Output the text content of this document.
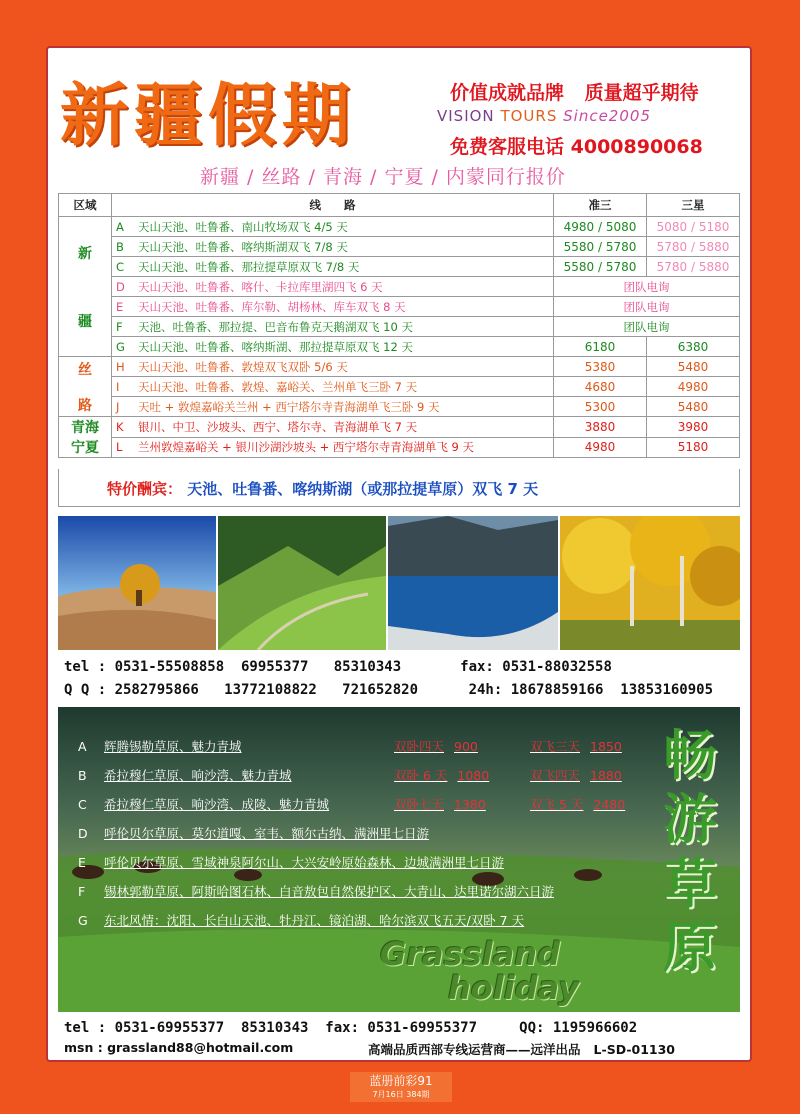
新疆假期	价值成就品牌 质量超乎期待
VISION TOURS Since2005
免费客服电话 4000890068
新疆 / 丝路 / 青海 / 宁夏 / 内蒙同行报价
区域	线　　路		准三	三星
新

疆	A	天山天池、吐鲁番、南山牧场双飞 4/5 天	4980 / 5080	5080 / 5180
	B	天山天池、吐鲁番、喀纳斯湖双飞 7/8 天	5580 / 5780	5780 / 5880
	C	天山天池、吐鲁番、那拉提草原双飞 7/8 天	5580 / 5780	5780 / 5880
	D	天山天池、吐鲁番、喀什、卡拉库里湖四飞 6 天	团队电询	
	E	天山天池、吐鲁番、库尔勒、胡杨林、库车双飞 8 天	团队电询	
	F	天池、吐鲁番、那拉提、巴音布鲁克天鹅湖双飞 10 天	团队电询	
	G	天山天池、吐鲁番、喀纳斯湖、那拉提草原双飞 12 天	6180	6380
丝

路	H	天山天池、吐鲁番、敦煌双飞双卧 5/6 天	5380	5480
	I	天山天池、吐鲁番、敦煌、嘉峪关、兰州单飞三卧 7 天	4680	4980
	J	天吐 + 敦煌嘉峪关兰州 + 西宁塔尔寺青海湖单飞三卧 9 天	5300	5480
青海
宁夏	K	银川、中卫、沙坡头、西宁、塔尔寺、青海湖单飞 7 天	3880	3980
	L	兰州敦煌嘉峪关 + 银川沙湖沙坡头 + 西宁塔尔寺青海湖单飞 9 天	4980	5180
特价酬宾： 天池、吐鲁番、喀纳斯湖（或那拉提草原）双飞 7 天
tel : 0531-55508858  69955377   85310343       fax: 0531-88032558
Q Q : 2582795866   13772108822   721652820      24h: 18678859166  13853160905
A 辉腾锡勒草原、魅力青城	双卧四天 900	双飞三天 1850
B 希拉穆仁草原、响沙湾、魅力青城	双卧 6 天 1080	双飞四天 1880
C 希拉穆仁草原、响沙湾、成陵、魅力青城	双卧七天 1380	双飞 5 天 2480
D 呼伦贝尔草原、莫尔道嘎、室韦、额尔古纳、满洲里七日游
E 呼伦贝尔草原、雪域神泉阿尔山、大兴安岭原始森林、边城满洲里七日游
F 锡林郭勒草原、阿斯哈图石林、白音敖包自然保护区、大青山、达里诺尔湖六日游
G 东北风情：沈阳、长白山天池、牡丹江、镜泊湖、哈尔滨双飞五天/双卧 7 天
畅
游
草
原
Grassland
holiday
tel : 0531-69955377  85310343  fax: 0531-69955377     QQ: 1195966602
msn : grassland88@hotmail.com	高端品质西部专线运营商——远洋出品   L-SD-01130
蓝册前彩91
7月16日 384期
